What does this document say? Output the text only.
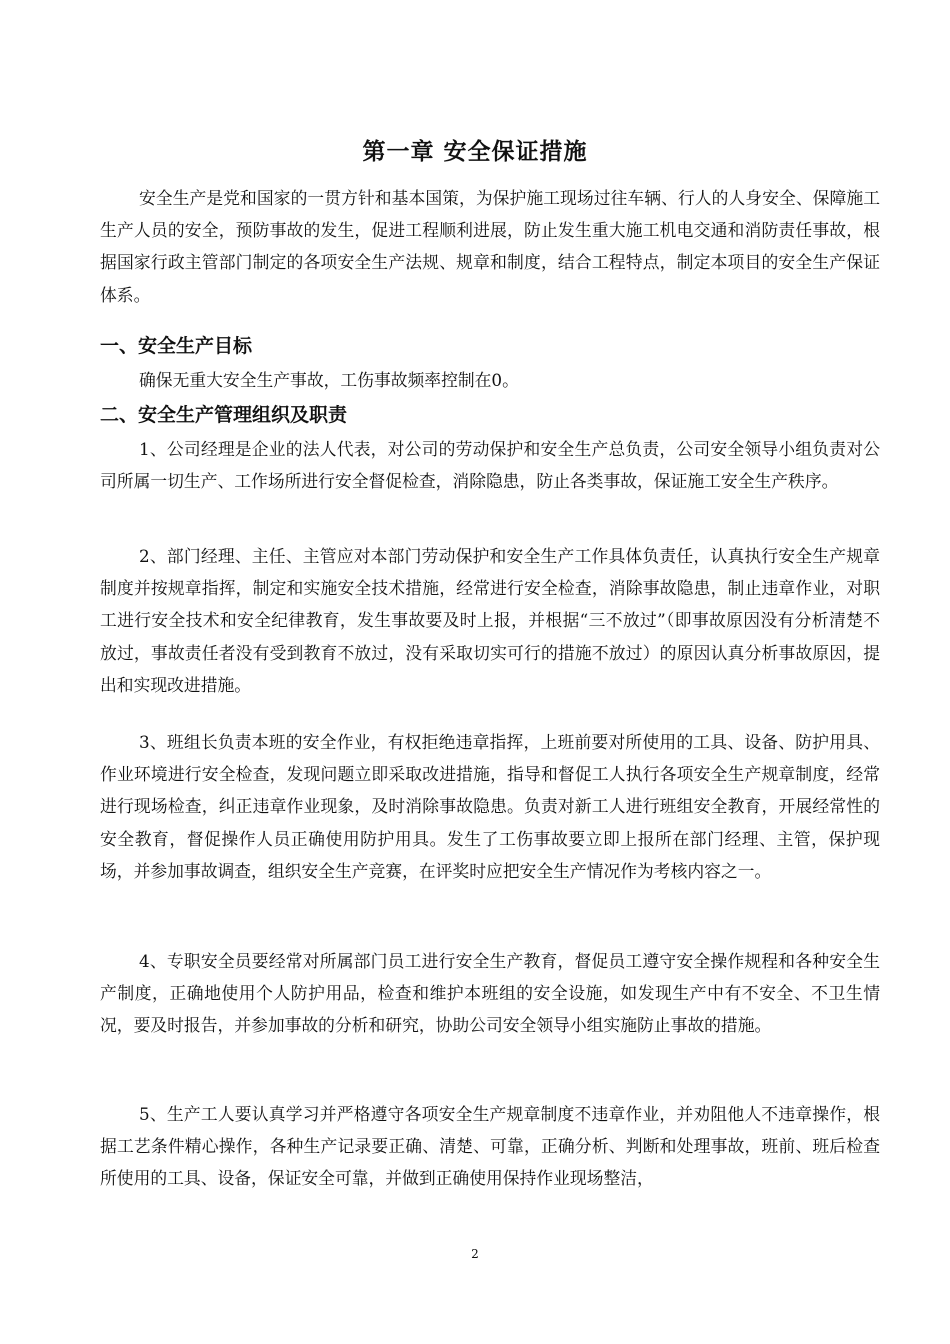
第一章 安全保证措施

安全生产是党和国家的一贯方针和基本国策，为保护施工现场过往车辆、行人的人身安全、保障施工生产人员的安全，预防事故的发生，促进工程顺利进展，防止发生重大施工机电交通和消防责任事故，根据国家行政主管部门制定的各项安全生产法规、规章和制度，结合工程特点，制定本项目的安全生产保证体系。

一、安全生产目标

确保无重大安全生产事故，工伤事故频率控制在0。

二、安全生产管理组织及职责

1、公司经理是企业的法人代表，对公司的劳动保护和安全生产总负责，公司安全领导小组负责对公司所属一切生产、工作场所进行安全督促检查，消除隐患，防止各类事故，保证施工安全生产秩序。

2、部门经理、主任、主管应对本部门劳动保护和安全生产工作具体负责任，认真执行安全生产规章制度并按规章指挥，制定和实施安全技术措施，经常进行安全检查，消除事故隐患，制止违章作业，对职工进行安全技术和安全纪律教育，发生事故要及时上报，并根据“三不放过”（即事故原因没有分析清楚不放过，事故责任者没有受到教育不放过，没有采取切实可行的措施不放过）的原因认真分析事故原因，提出和实现改进措施。

3、班组长负责本班的安全作业，有权拒绝违章指挥，上班前要对所使用的工具、设备、防护用具、作业环境进行安全检查，发现问题立即采取改进措施，指导和督促工人执行各项安全生产规章制度，经常进行现场检查，纠正违章作业现象，及时消除事故隐患。负责对新工人进行班组安全教育，开展经常性的安全教育，督促操作人员正确使用防护用具。发生了工伤事故要立即上报所在部门经理、主管，保护现场，并参加事故调查，组织安全生产竞赛，在评奖时应把安全生产情况作为考核内容之一。

4、专职安全员要经常对所属部门员工进行安全生产教育，督促员工遵守安全操作规程和各种安全生产制度，正确地使用个人防护用品，检查和维护本班组的安全设施，如发现生产中有不安全、不卫生情况，要及时报告，并参加事故的分析和研究，协助公司安全领导小组实施防止事故的措施。

5、生产工人要认真学习并严格遵守各项安全生产规章制度不违章作业，并劝阻他人不违章操作，根据工艺条件精心操作，各种生产记录要正确、清楚、可靠，正确分析、判断和处理事故，班前、班后检查所使用的工具、设备，保证安全可靠，并做到正确使用保持作业现场整洁，

2
